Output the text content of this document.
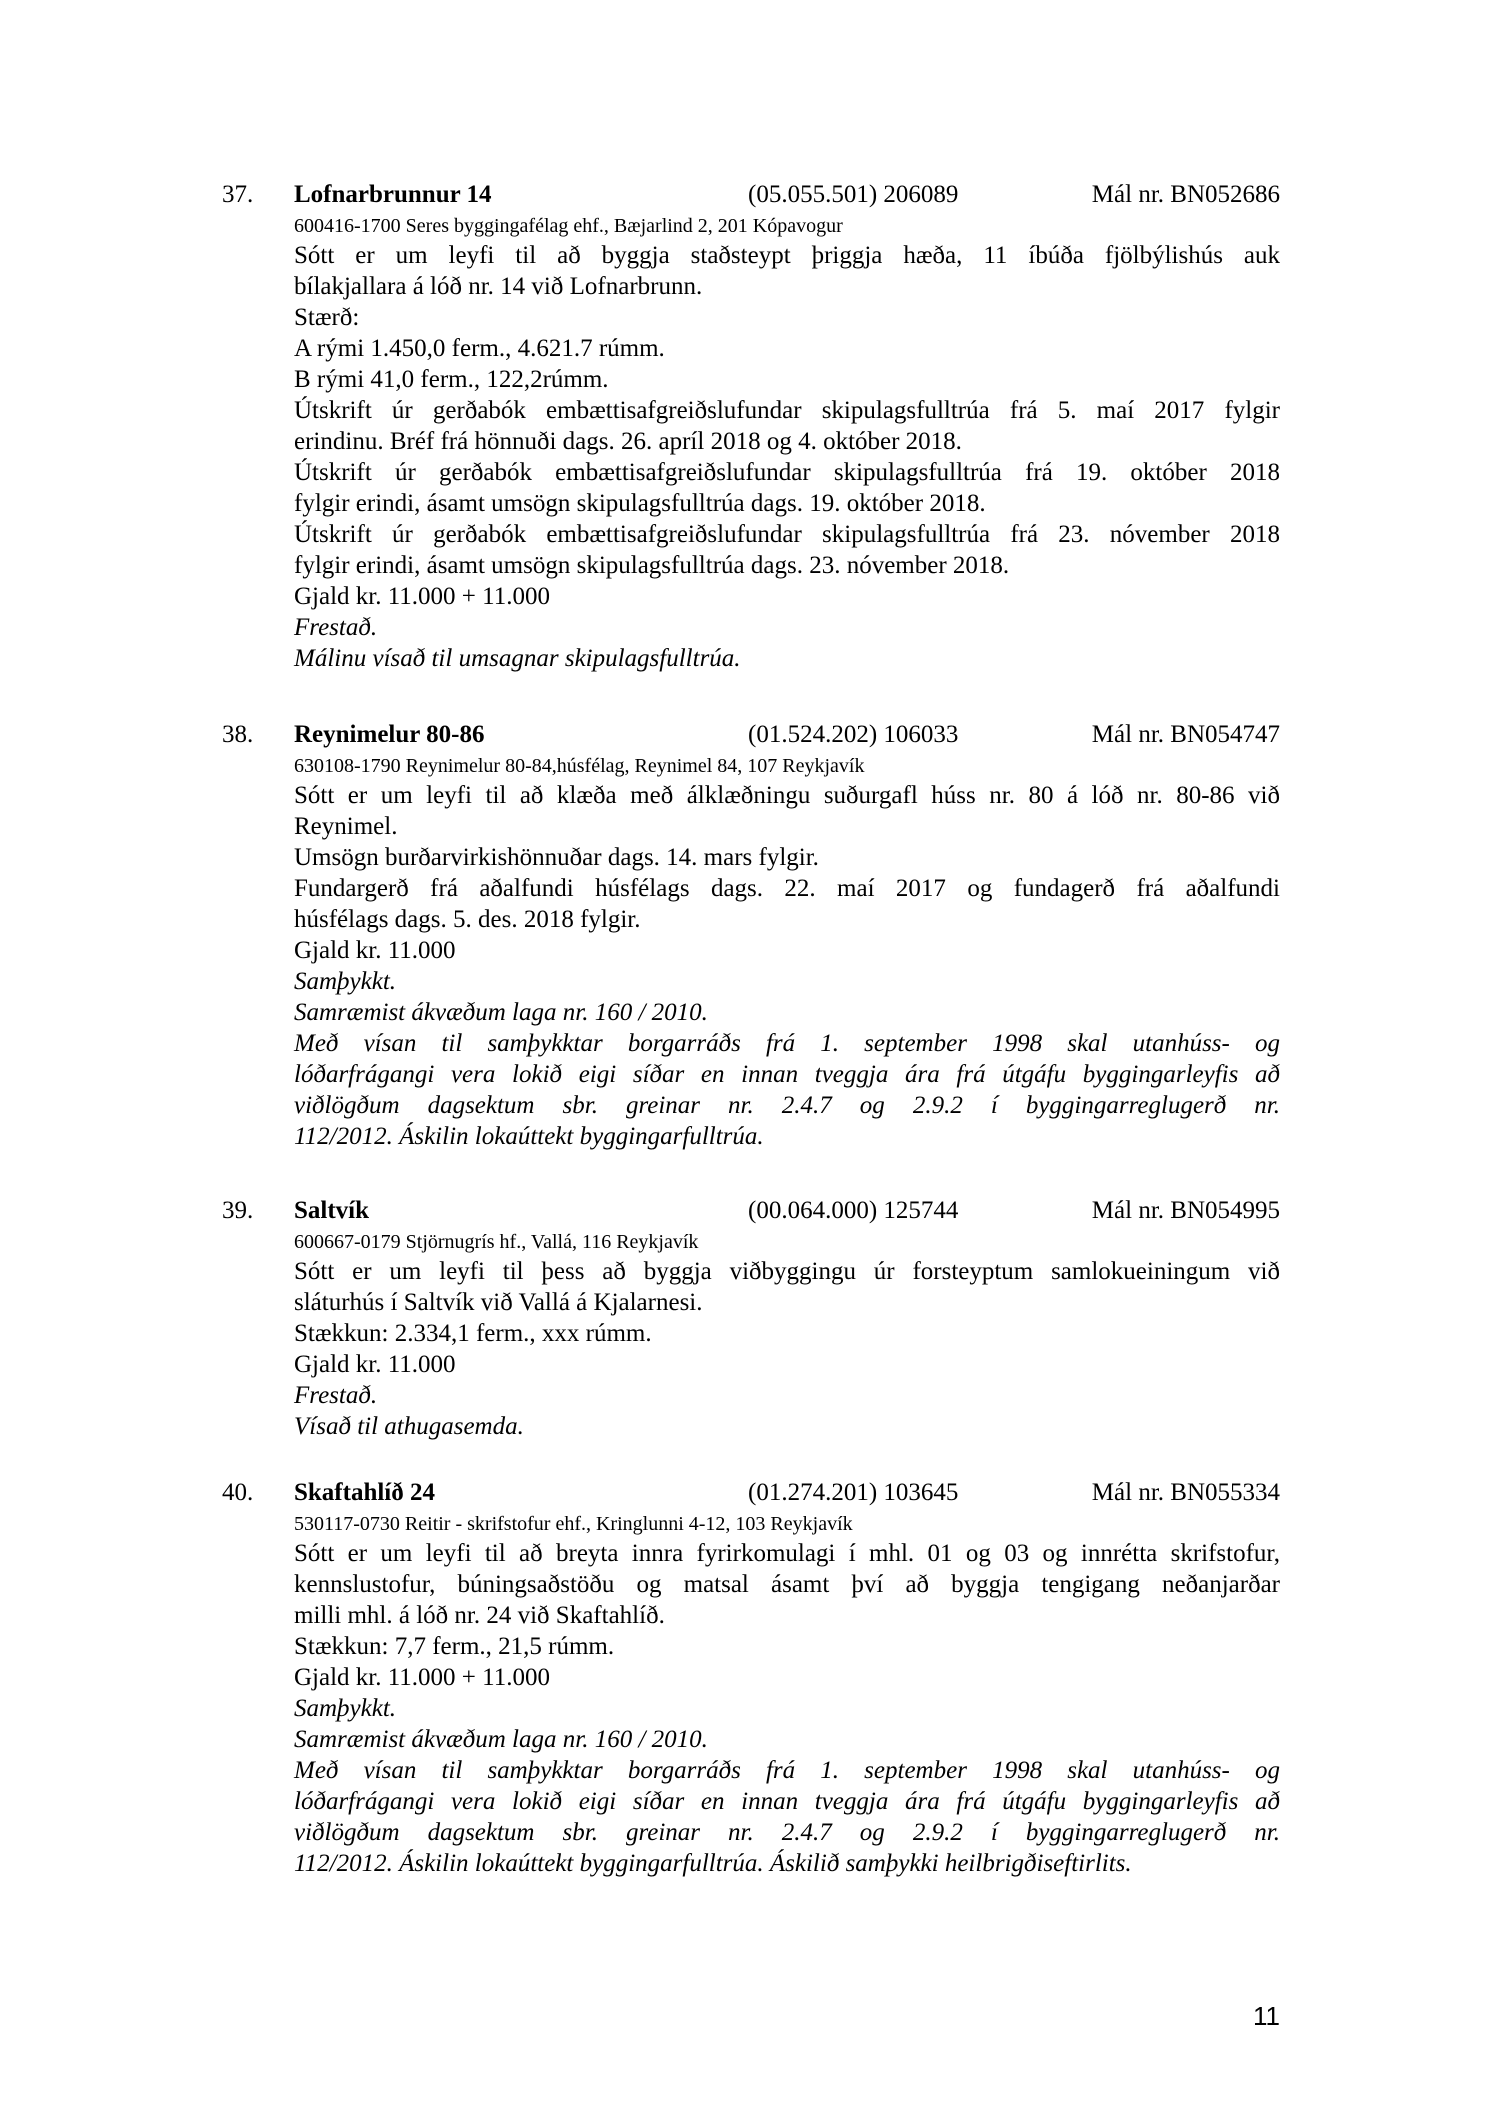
37. Lofnarbrunnur 14	(05.055.501) 206089	Mál nr. BN052686
600416-1700 Seres byggingafélag ehf., Bæjarlind 2, 201 Kópavogur
Sótt er um leyfi til að byggja staðsteypt þriggja hæða, 11 íbúða fjölbýlishús auk
bílakjallara á lóð nr. 14 við Lofnarbrunn.
Stærð:
A rými 1.450,0 ferm., 4.621.7 rúmm.
B rými 41,0 ferm., 122,2rúmm.
Útskrift úr gerðabók embættisafgreiðslufundar skipulagsfulltrúa frá 5. maí 2017 fylgir
erindinu. Bréf frá hönnuði dags. 26. apríl 2018 og 4. október 2018.
Útskrift úr gerðabók embættisafgreiðslufundar skipulagsfulltrúa frá 19. október 2018
fylgir erindi, ásamt umsögn skipulagsfulltrúa dags. 19. október 2018.
Útskrift úr gerðabók embættisafgreiðslufundar skipulagsfulltrúa frá 23. nóvember 2018
fylgir erindi, ásamt umsögn skipulagsfulltrúa dags. 23. nóvember 2018.
Gjald kr. 11.000 + 11.000
Frestað.
Málinu vísað til umsagnar skipulagsfulltrúa.
38. Reynimelur 80-86	(01.524.202) 106033	Mál nr. BN054747
630108-1790 Reynimelur 80-84,húsfélag, Reynimel 84, 107 Reykjavík
Sótt er um leyfi til að klæða með álklæðningu suðurgafl húss nr. 80 á lóð nr. 80-86 við
Reynimel.
Umsögn burðarvirkishönnuðar dags. 14. mars fylgir.
Fundargerð frá aðalfundi húsfélags dags. 22. maí 2017 og fundagerð frá aðalfundi
húsfélags dags. 5. des. 2018 fylgir.
Gjald kr. 11.000
Samþykkt.
Samræmist ákvæðum laga nr. 160 / 2010.
Með vísan til samþykktar borgarráðs frá 1. september 1998 skal utanhúss- og
lóðarfrágangi vera lokið eigi síðar en innan tveggja ára frá útgáfu byggingarleyfis að
viðlögðum dagsektum sbr. greinar nr. 2.4.7 og 2.9.2 í byggingarreglugerð nr.
112/2012. Áskilin lokaúttekt byggingarfulltrúa.
39. Saltvík	(00.064.000) 125744	Mál nr. BN054995
600667-0179 Stjörnugrís hf., Vallá, 116 Reykjavík
Sótt er um leyfi til þess að byggja viðbyggingu úr forsteyptum samlokueiningum við
sláturhús í Saltvík við Vallá á Kjalarnesi.
Stækkun: 2.334,1 ferm., xxx rúmm.
Gjald kr. 11.000
Frestað.
Vísað til athugasemda.
40. Skaftahlíð 24	(01.274.201) 103645	Mál nr. BN055334
530117-0730 Reitir - skrifstofur ehf., Kringlunni 4-12, 103 Reykjavík
Sótt er um leyfi til að breyta innra fyrirkomulagi í mhl. 01 og 03 og innrétta skrifstofur,
kennslustofur, búningsaðstöðu og matsal ásamt því að byggja tengigang neðanjarðar
milli mhl. á lóð nr. 24 við Skaftahlíð.
Stækkun: 7,7 ferm., 21,5 rúmm.
Gjald kr. 11.000 + 11.000
Samþykkt.
Samræmist ákvæðum laga nr. 160 / 2010.
Með vísan til samþykktar borgarráðs frá 1. september 1998 skal utanhúss- og
lóðarfrágangi vera lokið eigi síðar en innan tveggja ára frá útgáfu byggingarleyfis að
viðlögðum dagsektum sbr. greinar nr. 2.4.7 og 2.9.2 í byggingarreglugerð nr.
112/2012. Áskilin lokaúttekt byggingarfulltrúa. Áskilið samþykki heilbrigðiseftirlits.
11
